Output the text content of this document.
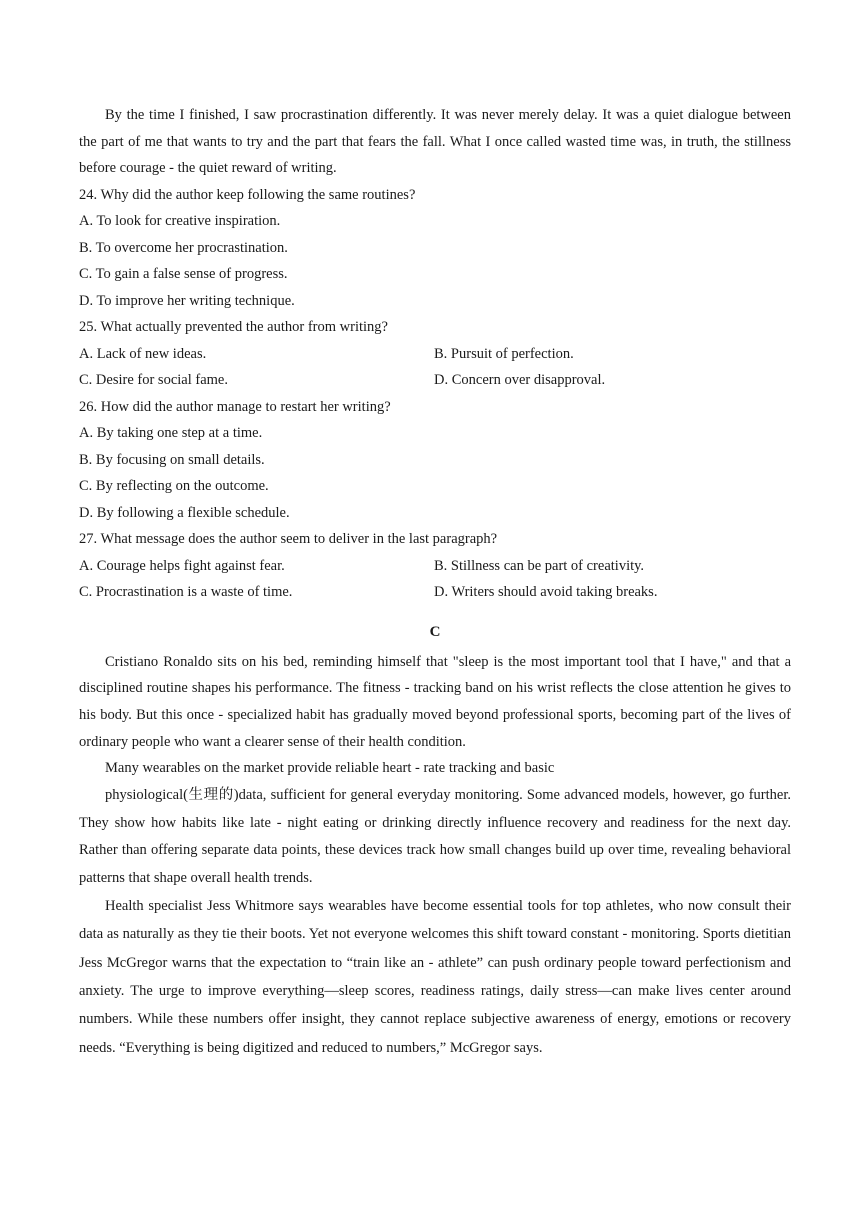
By the time I finished, I saw procrastination differently. It was never merely delay. It was a quiet dialogue between the part of me that wants to try and the part that fears the fall. What I once called wasted time was, in truth, the stillness before courage - the quiet reward of writing.

24. Why did the author keep following the same routines?

A. To look for creative inspiration.

B. To overcome her procrastination.

C. To gain a false sense of progress.

D. To improve her writing technique.

25. What actually prevented the author from writing?

A. Lack of new ideas.	B. Pursuit of perfection.
C. Desire for social fame.	D. Concern over disapproval.

26. How did the author manage to restart her writing?

A. By taking one step at a time.

B. By focusing on small details.

C. By reflecting on the outcome.

D. By following a flexible schedule.

27. What message does the author seem to deliver in the last paragraph?

A. Courage helps fight against fear.	B. Stillness can be part of creativity.
C. Procrastination is a waste of time.	D. Writers should avoid taking breaks.
C

Cristiano Ronaldo sits on his bed, reminding himself that "sleep is the most important tool that I have," and that a disciplined routine shapes his performance. The fitness - tracking band on his wrist reflects the close attention he gives to his body. But this once - specialized habit has gradually moved beyond professional sports, becoming part of the lives of ordinary people who want a clearer sense of their health condition.

Many wearables on the market provide reliable heart - rate tracking and basic

physiological(生理的)data, sufficient for general everyday monitoring. Some advanced models, however, go further. They show how habits like late - night eating or drinking directly influence recovery and readiness for the next day. Rather than offering separate data points, these devices track how small changes build up over time, revealing behavioral patterns that shape overall health trends.

Health specialist Jess Whitmore says wearables have become essential tools for top athletes, who now consult their data as naturally as they tie their boots. Yet not everyone welcomes this shift toward constant - monitoring. Sports dietitian Jess McGregor warns that the expectation to “train like an - athlete” can push ordinary people toward perfectionism and anxiety. The urge to improve everything—sleep scores, readiness ratings, daily stress—can make lives center around numbers. While these numbers offer insight, they cannot replace subjective awareness of energy, emotions or recovery needs. “Everything is being digitized and reduced to numbers,” McGregor says.
